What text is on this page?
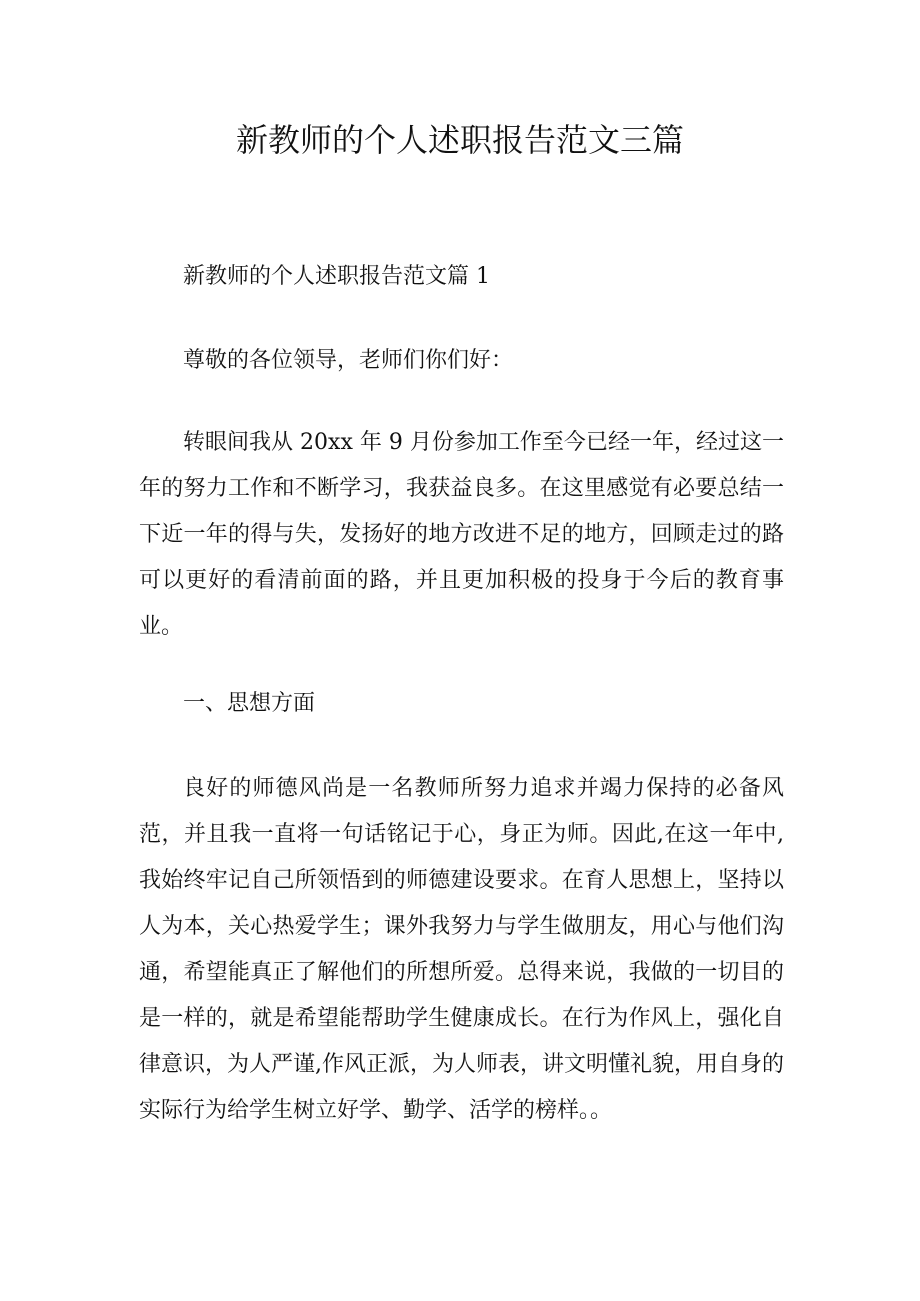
新教师的个人述职报告范文三篇

新教师的个人述职报告范文篇 1

尊敬的各位领导，老师们你们好：

转眼间我从 20xx 年 9 月份参加工作至今已经一年，经过这一年的努力工作和不断学习，我获益良多。在这里感觉有必要总结一下近一年的得与失，发扬好的地方改进不足的地方，回顾走过的路可以更好的看清前面的路，并且更加积极的投身于今后的教育事业。

一、思想方面

良好的师德风尚是一名教师所努力追求并竭力保持的必备风范，并且我一直将一句话铭记于心，身正为师。因此,在这一年中,我始终牢记自己所领悟到的师德建设要求。在育人思想上，坚持以人为本，关心热爱学生；课外我努力与学生做朋友，用心与他们沟通，希望能真正了解他们的所想所爱。总得来说，我做的一切目的是一样的，就是希望能帮助学生健康成长。在行为作风上，强化自律意识，为人严谨,作风正派，为人师表，讲文明懂礼貌，用自身的实际行为给学生树立好学、勤学、活学的榜样。。
